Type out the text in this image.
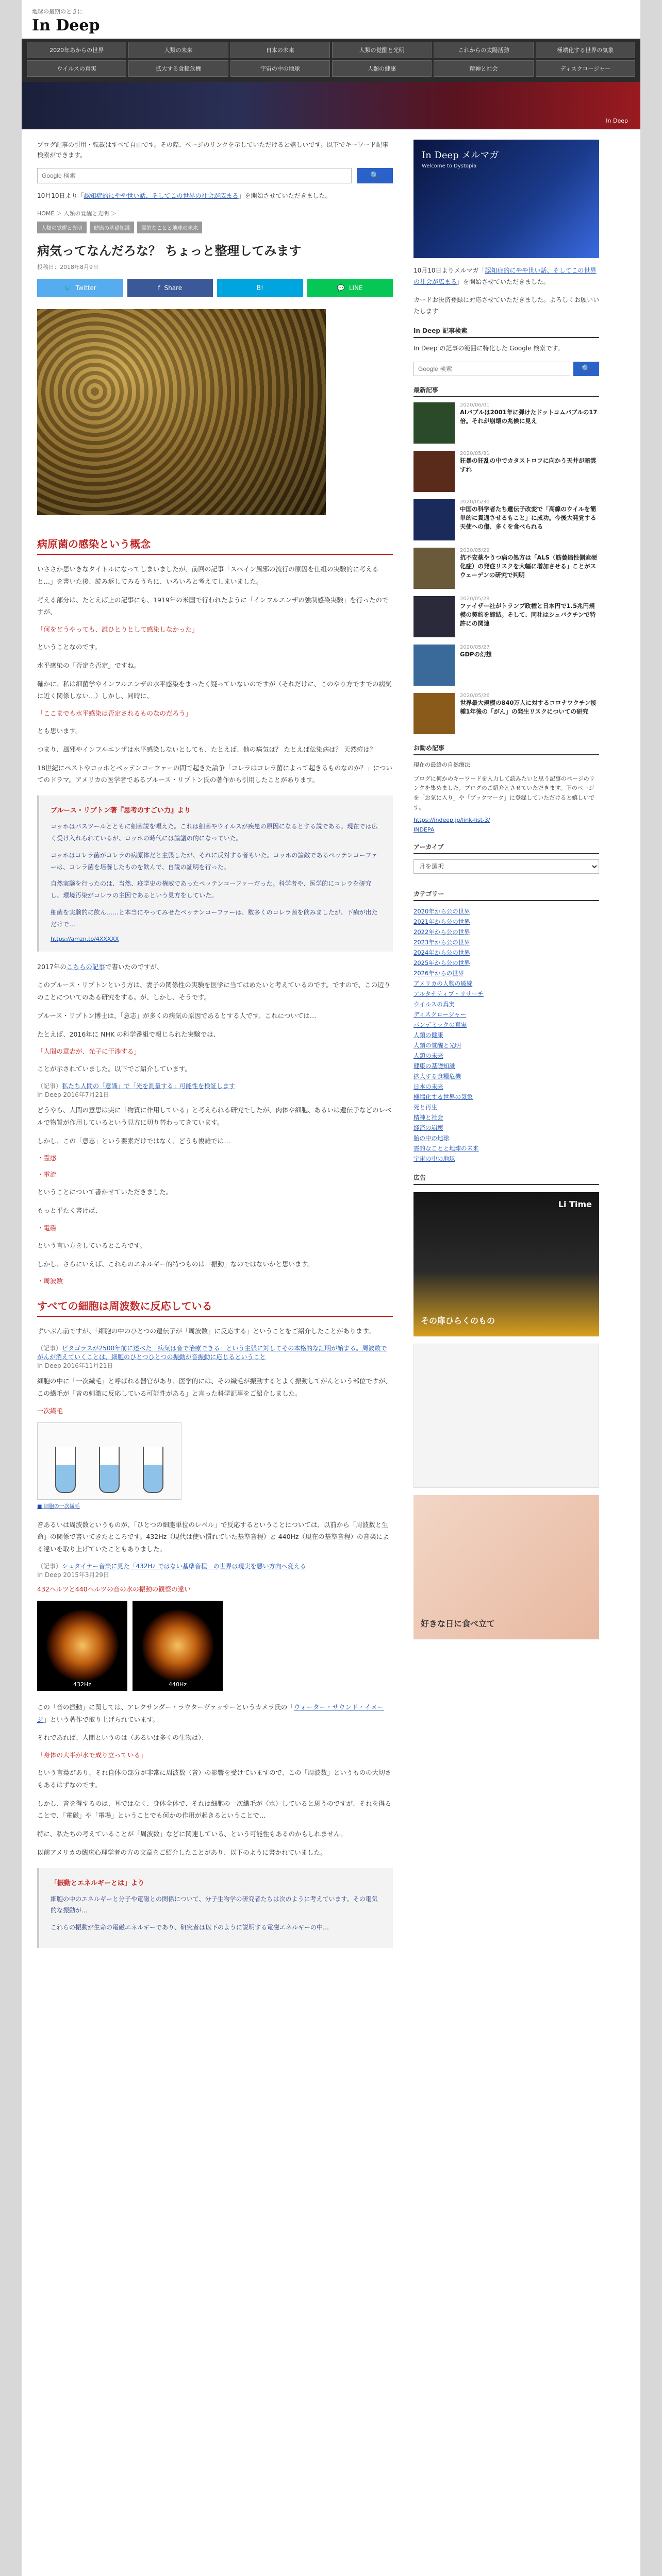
地球の最期のときに
In Deep
2020年あからの世界	人類の未来	日本の未来	人類の覚醒と光明	これからの太陽活動	極端化する世界の気象
ウイルスの真実	拡大する食糧危機	宇宙の中の地球	人類の健康	精神と社会	ディスクロージャー
In Deep

ブログ記事の引用・転載はすべて自由です。その際、ページのリンクを示していただけると嬉しいです。以下でキーワード記事検索ができます。

Google 検索
🔍

10月10日より「認知症的にやや世い話、そしてこの世界の社会が広まる」を開始させていただきました。

HOME ＞ 人類の覚醒と光明 ＞
人類の覚醒と光明	健康の基礎知識	霊的なことと地球の未来
病気ってなんだろな？ ちょっと整理してみます
投稿日：2018年8月9日
🐦 Twitter	f Share	B!	💬 LINE
病原菌の感染という概念

いささか思いきなタイトルになってしまいましたが、前回の記事「スペイン風邪の流行の原因を仕組の実験的に考えると…」を書いた後、読み返してみるうちに、いろいろと考えてしまいました。

考える部分は、たとえば上の記事にも、1919年の米国で行われたように「インフルエンザの強制感染実験」を行ったのですが、

「何をどうやっても、誰ひとりとして感染しなかった」

ということなのです。

水平感染の「否定を否定」ですね。

確かに、私は細菌学やインフルエンザの水平感染をまったく疑っていないのですが（それだけに、このやり方ですでの病気に近く関係しない…）しかし、同時に、

「ここまでも水平感染は否定されるものなのだろう」

とも思います。

つまり、風邪やインフルエンザは水平感染しないとしても、たとえば、他の病気は？ たとえば伝染病は？ 天然痘は？

18世紀にペストやコッホとペッテンコーファーの間で起きた論争「コレラはコレラ菌によって起きるものなのか？」についてのドラマ。アメリカの医学者であるブルース・リプトン氏の著作から引用したことがあります。

ブルース・リプトン著『思考のすごい力』より

コッホはパスツールとともに細菌説を唱えた。これは細菌やウイルスが疾患の原因になるとする説である。現在では広く受け入れられているが、コッホの時代には論議の的になっていた。

コッホはコレラ菌がコレラの病原体だと主張したが、それに反対する者もいた。コッホの論敵であるペッテンコーファーは、コレラ菌を培養したものを飲んで、自説の証明を行った。

自然実験を行ったのは、当然、疫学史の権威であったペッテンコーファーだった。科学者や、医学的にコレラを研究し、環境汚染がコレラの主因であるという見方をしていた。

細菌を実験的に飲ん……と本当にやってみせたペッテンコーファーは、数多くのコレラ菌を飲みましたが、下痢が出ただけで…

https://amzn.to/4XXXXX

2017年のこちらの記事で書いたのですが、

このブルース・リプトンという方は、妻子の関係性の実験を医学に当てはめたいと考えているのです。ですので、この辺りのことについてのある研究をする。が、しかし、そうです。

ブルース・リプトン博士は、「意志」が多くの病気の原因であるとする人です。これについては…

たとえば、2016年に NHK の科学番組で報じられた実験では、

「人間の意志が、光子に干渉する」

ことが示されていました。以下でご紹介しています。

（記事）私たち人間の「意識」で「光を測量する」可能性を検証します
In Deep 2016年7月21日

どうやら、人間の意思は実に「物質に作用している」と考えられる研究でしたが、肉体や細胞、あるいは遺伝子などのレベルで物質が作用しているという見方に切り替わってきています。

しかし、この「意志」という要素だけではなく、どうも複雑では…

・霊感

・電流

ということについて書かせていただきました。

もっと平たく書けば、

・電磁

という言い方をしているところです。

しかし、さらにいえば、これらのエネルギー的特つものは「振動」なのではないかと思います。

・周波数

すべての細胞は周波数に反応している

ずいぶん前ですが、「細胞の中のひとつの遺伝子が「周波数」に反応する」ということをご紹介したことがあります。

（記事）ピタゴラスが2500年前に述べた「病気は音で治療できる」という主張に対してその本格的な証明が始まる。周波数でがんが消えていくことは、細胞のひとつひとつの振動が音振動に応じるということ
In Deep 2016年11月21日

細胞の中に「一次繊毛」と呼ばれる器官があり、医学的には、その繊毛が振動するとよく振動してがんという部位ですが、この繊毛が「音の刺激に反応している可能性がある」と言った科学記事をご紹介しました。

一次繊毛

■ 細胞の一次繊毛

音あるいは周波数というものが、「ひとつの細胞単位のレベル」で反応するということについては、以前から「周波数と生命」の関係で書いてきたところです。432Hz（現代は使い慣れていた基準音程）と 440Hz（現在の基準音程）の音楽による違いを取り上げていたこともありました。

（記事）シュタイナー音楽に見た「432Hz ではない基準音程」の世界は現実を悪い方向へ変える
In Deep 2015年3月29日

432ヘルツと440ヘルツの音の水の振動の観察の違い

432Hz	440Hz

この「音の振動」に関しては、アレクサンダー・ラウターヴァッサーというカメラ氏の「ウォーター・サウンド・イメージ」という著作で取り上げられています。

それであれば、人間というのは（あるいは多くの生物は）、

「身体の大半が水で成り立っている」

という言葉があり、それ自体の部分が非常に周波数（音）の影響を受けていますので、この「周波数」というものの大切さもあるはずなのです。

しかし、音を得するのは、耳ではなく、身体全体で、それは細胞の一次繊毛が（水）していると思うのですが、それを得ることで、「電磁」や「電場」ということでも何かの作用が起きるということで…

特に、私たちの考えていることが「周波数」などに関連している、という可能性もあるのかもしれません。

以前アメリカの臨床心理学者の方の文章をご紹介したことがあり、以下のように書かれていました。

「振動とエネルギーとは」より

細胞の中のエネルギーと分子や電磁との関係について、分子生物学の研究者たちは次のように考えています。その電気的な振動が…

これらの振動が生命の電磁エネルギーであり、研究者は以下のように説明する電磁エネルギーの中…

In Deep メルマガ
Welcome to Dystopia

10月10日よりメルマガ「認知症的にやや世い話、そしてこの世界の社会が広まる」を開始させていただきました。

カードお決済登録に対応させていただきました。よろしくお願いいたします

In Deep 記事検索

In Deep の記事の範囲に特化した Google 検索です。

Google 検索
🔍
最新記事
2020/06/01
AIバブルは2001年に弾けたドットコムバブルの17倍。それが崩壊の兆候に見え
2020/05/31
狂暴の狂乱の中でカタストロフに向かう天井が暗雲すれ
2020/05/30
中国の科学者たち遺伝子改変で「高線のウイルを簡単的に貫通させるもこと」に成功。今後大発覚する天使への傷、多くを食べられる
2020/05/29
抗不安薬やうつ病の処方は「ALS（筋萎縮性側索硬化症）の発症リスクを大幅に増加させる」ことがスウェーデンの研究で判明
2020/05/28
ファイザー社がトランプ政権と日本円で1.5兆円規模の契約を締結。そして、同社はシュバクチンで特許にの関連
2020/05/27
GDPの幻想
2020/05/26
世界最大規模の840万人に対するコロナワクチン接種1年後の「がん」の発生リスクについての研究
お勧め記事

現在の最終の自然療法

ブログに何かのキーワードを入力して読みたいと思う記事のページのリンクを集めました。ブログのご紹介とさせていただきます。下のページを「お気に入り」や「ブックマーク」に登録していただけると嬉しいです。

https://indeep.jp/link-list-3/
INDEPA
アーカイブ
月を選択
カテゴリー
2020年から公の世界
2021年から公の世界
2022年から公の世界
2023年から公の世界
2024年から公の世界
2025年から公の世界
2026年からの世界
アメリカの人物の破綻
アルタナティブ・リサーチ
ウイルスの真実
ディスクロージャー
パンデミックの真実
人類の健康
人類の覚醒と光明
人類の未来
健康の基礎知識
拡大する食糧危機
日本の未来
極端化する世界の気象
死と再生
精神と社会
経済の崩壊
胎の中の地球
霊的なことと地球の未来
宇宙の中の地球
広告
Li Time
その扉ひらくのもの
好きな日に食べ立て
